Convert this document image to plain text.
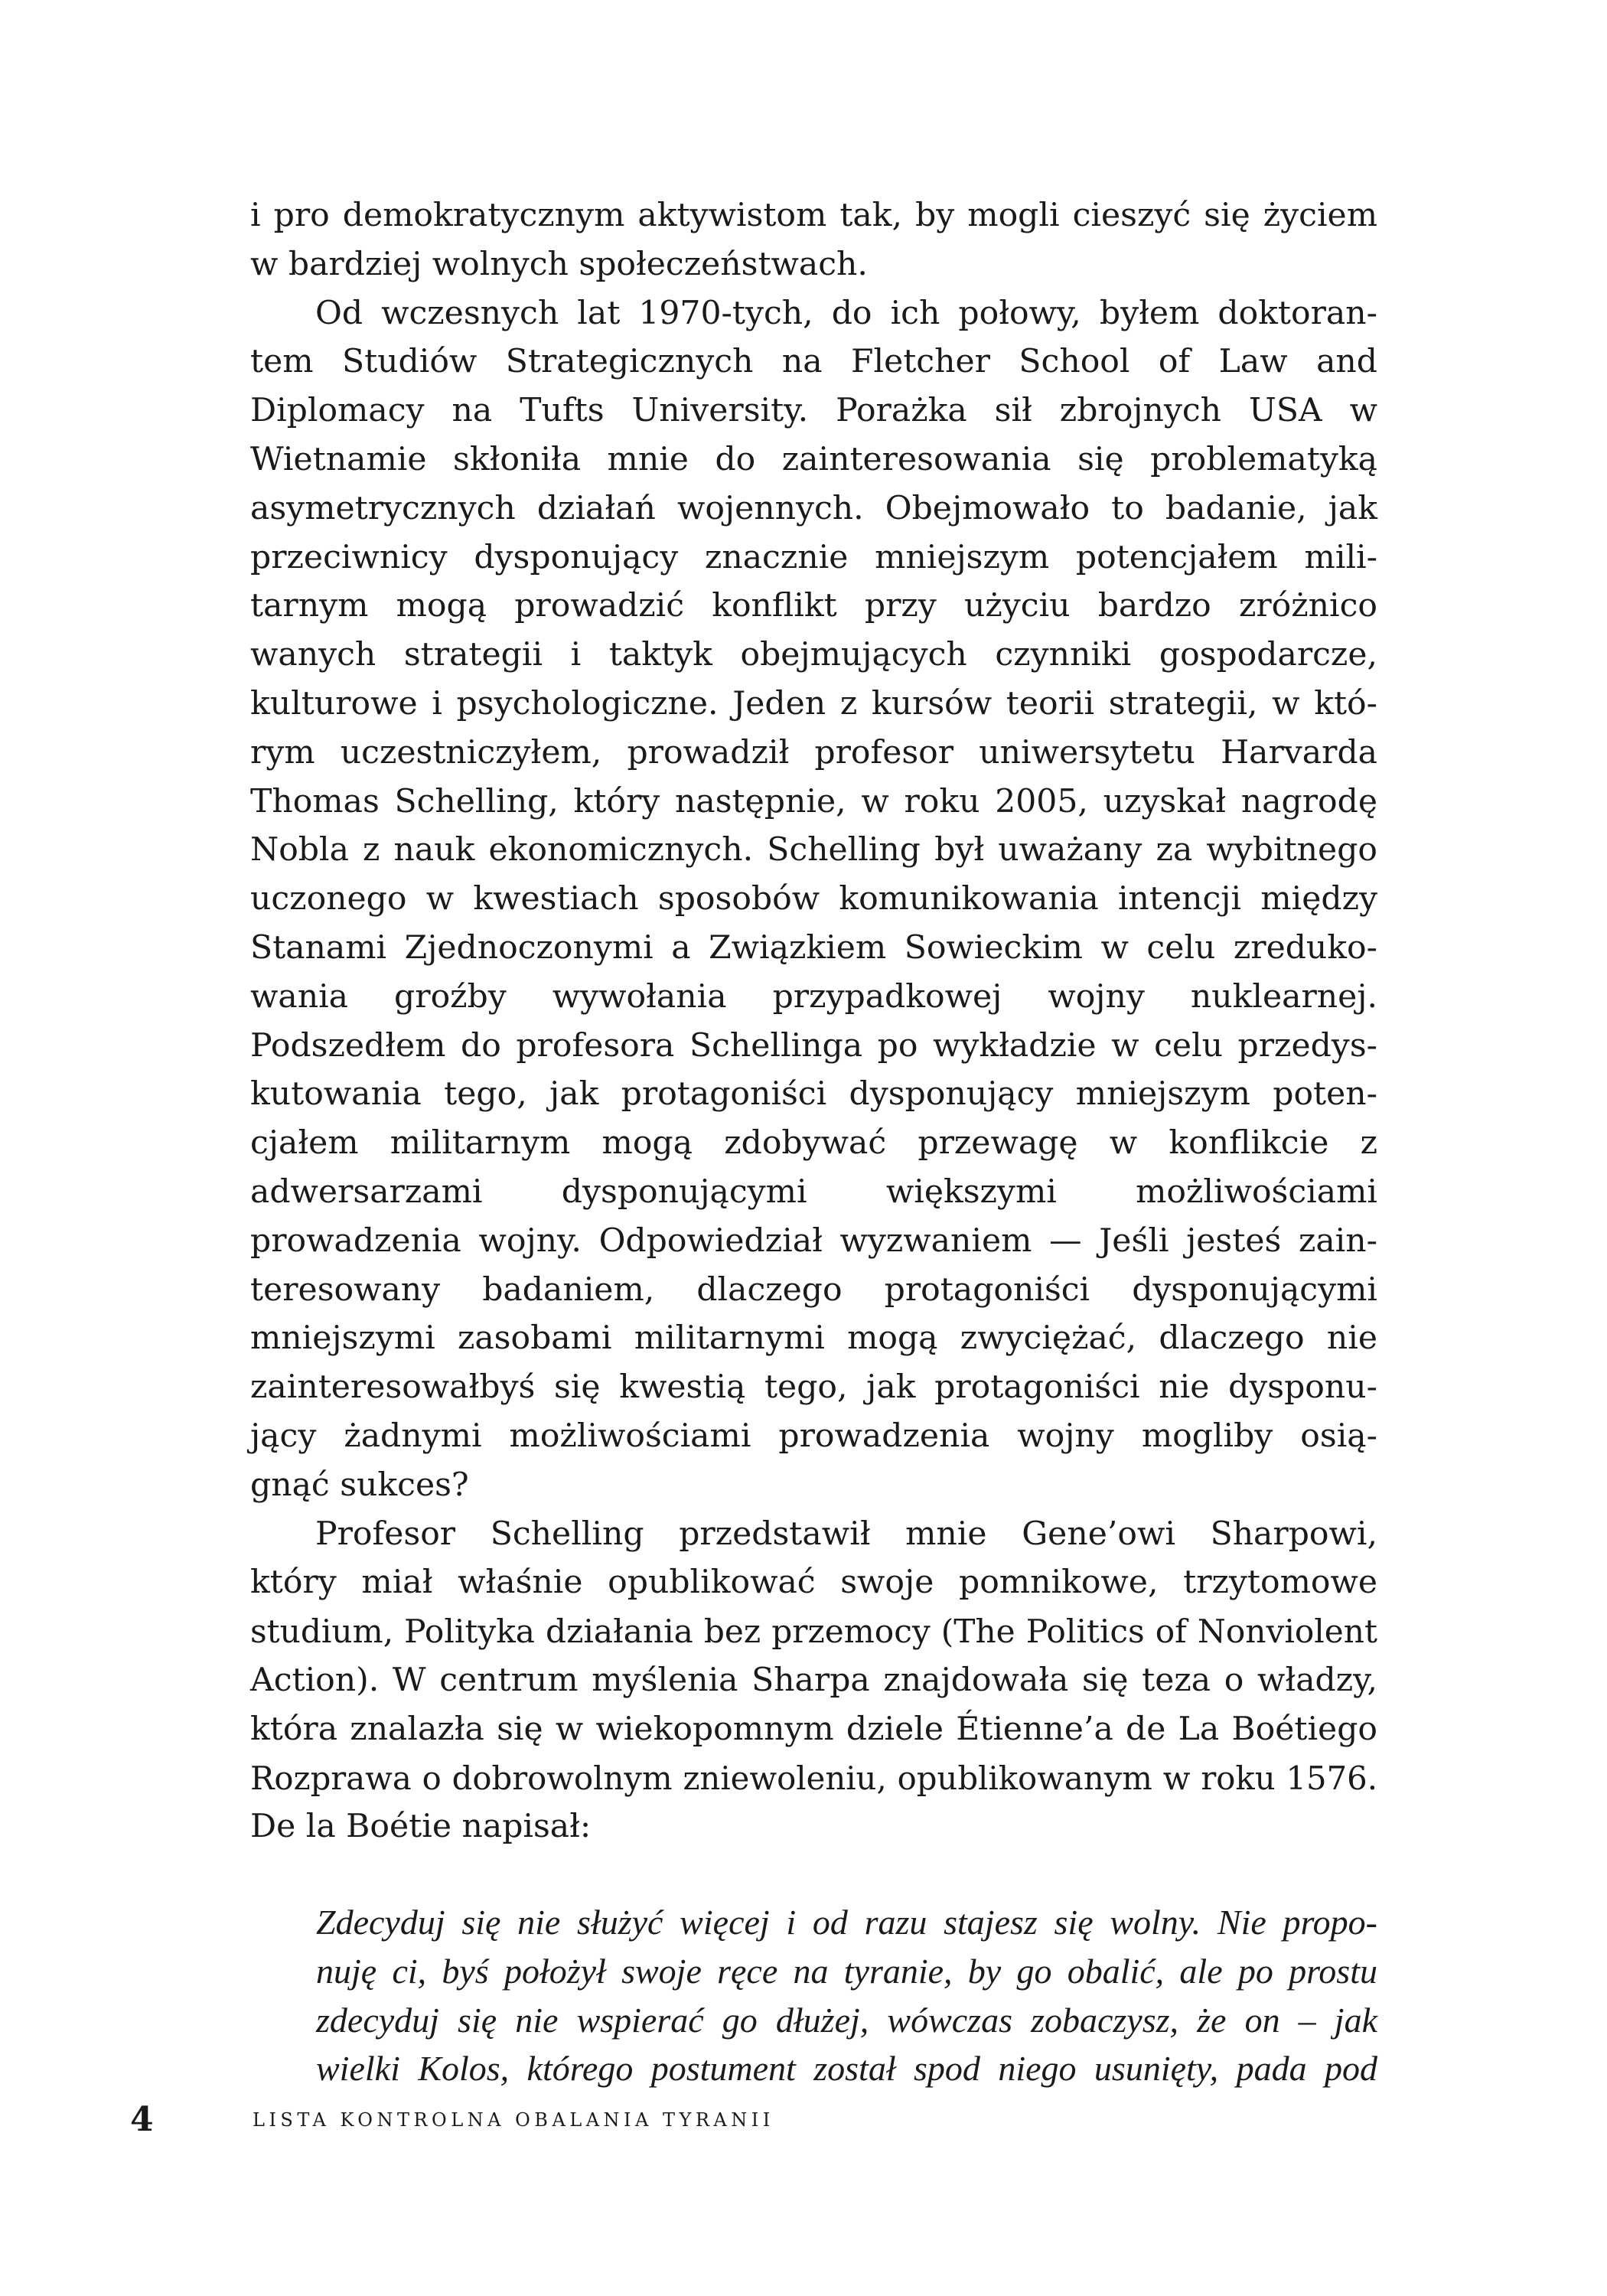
i pro demokratycznym aktywistom tak, by mogli cieszyć się życiem
w bardziej wolnych społeczeństwach.
  Od wczesnych lat 1970-tych, do ich połowy, byłem doktoran-
tem Studiów Strategicznych na Fletcher School of Law and
Diplomacy na Tufts University. Porażka sił zbrojnych USA w
Wietnamie skłoniła mnie do zainteresowania się problematyką
asymetrycznych działań wojennych. Obejmowało to badanie, jak
przeciwnicy dysponujący znacznie mniejszym potencjałem mili-
tarnym mogą prowadzić konflikt przy użyciu bardzo zróżnico
wanych strategii i taktyk obejmujących czynniki gospodarcze,
kulturowe i psychologiczne. Jeden z kursów teorii strategii, w któ-
rym uczestniczyłem, prowadził profesor uniwersytetu Harvarda
Thomas Schelling, który następnie, w roku 2005, uzyskał nagrodę
Nobla z nauk ekonomicznych. Schelling był uważany za wybitnego
uczonego w kwestiach sposobów komunikowania intencji między
Stanami Zjednoczonymi a Związkiem Sowieckim w celu zreduko-
wania groźby wywołania przypadkowej wojny nuklearnej.
Podszedłem do profesora Schellinga po wykładzie w celu przedys-
kutowania tego, jak protagoniści dysponujący mniejszym poten-
cjałem militarnym mogą zdobywać przewagę w konflikcie z
adwersarzami dysponującymi większymi możliwościami
prowadzenia wojny. Odpowiedział wyzwaniem — Jeśli jesteś zain-
teresowany badaniem, dlaczego protagoniści dysponującymi
mniejszymi zasobami militarnymi mogą zwyciężać, dlaczego nie
zainteresowałbyś się kwestią tego, jak protagoniści nie dysponu-
jący żadnymi możliwościami prowadzenia wojny mogliby osią-
gnąć sukces?
  Profesor Schelling przedstawił mnie Gene’owi Sharpowi,
który miał właśnie opublikować swoje pomnikowe, trzytomowe
studium, Polityka działania bez przemocy (The Politics of Nonviolent
Action). W centrum myślenia Sharpa znajdowała się teza o władzy,
która znalazła się w wiekopomnym dziele Étienne’a de La Boétiego
Rozprawa o dobrowolnym zniewoleniu, opublikowanym w roku 1576.
De la Boétie napisał:
Zdecyduj się nie służyć więcej i od razu stajesz się wolny. Nie propo-
nuję ci, byś położył swoje ręce na tyranie, by go obalić, ale po prostu
zdecyduj się nie wspierać go dłużej, wówczas zobaczysz, że on – jak
wielki Kolos, którego postument został spod niego usunięty, pada pod
4	LISTA KONTROLNA OBALANIA TYRANII
